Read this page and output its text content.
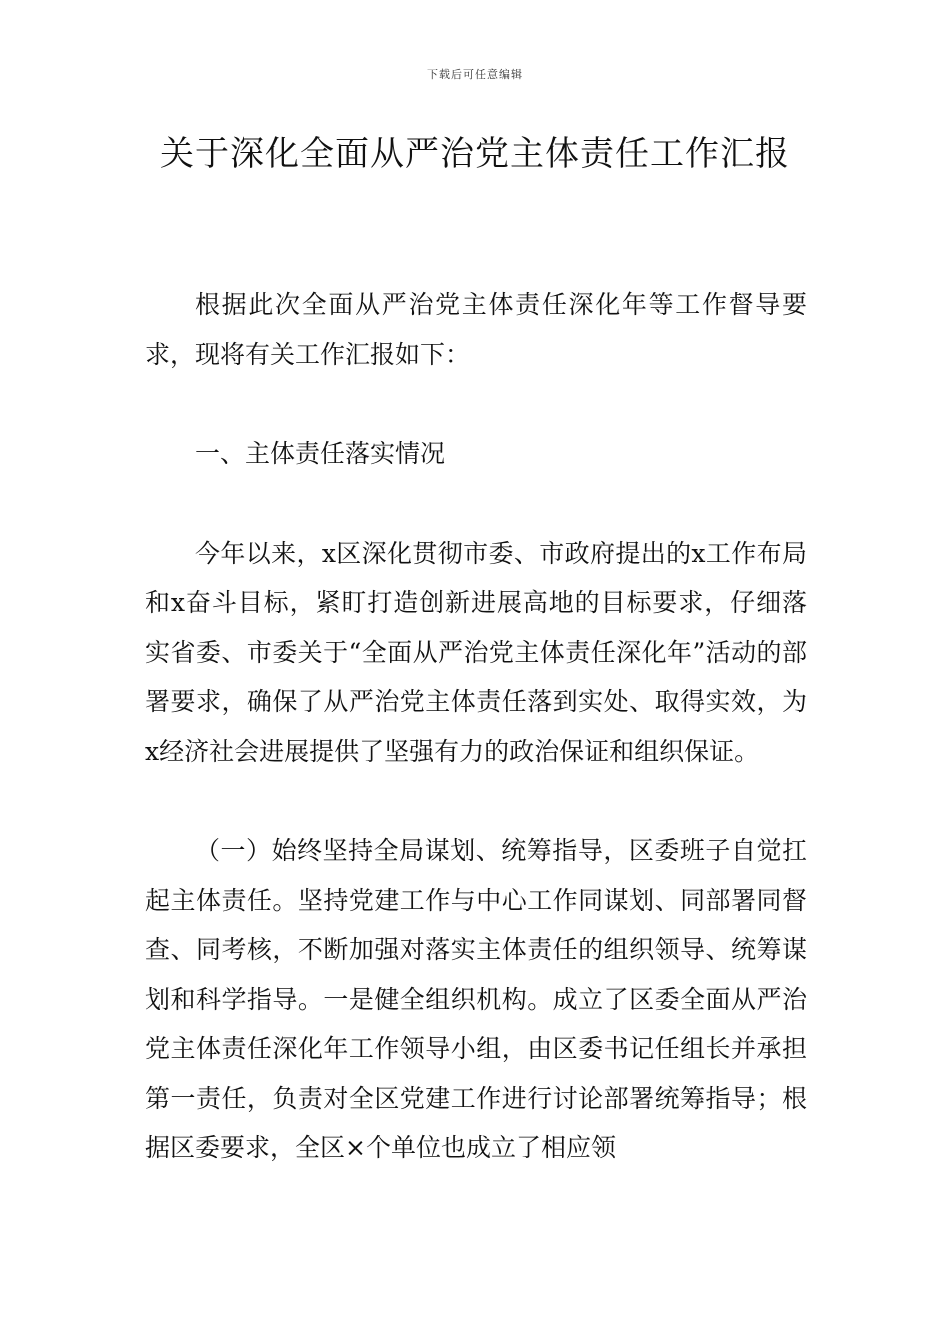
下载后可任意编辑
关于深化全面从严治党主体责任工作汇报

根据此次全面从严治党主体责任深化年等工作督导要求，现将有关工作汇报如下：

一、主体责任落实情况

今年以来，x区深化贯彻市委、市政府提出的x工作布局和x奋斗目标，紧盯打造创新进展高地的目标要求，仔细落实省委、市委关于“全面从严治党主体责任深化年”活动的部署要求，确保了从严治党主体责任落到实处、取得实效，为x经济社会进展提供了坚强有力的政治保证和组织保证。

（一）始终坚持全局谋划、统筹指导，区委班子自觉扛起主体责任。坚持党建工作与中心工作同谋划、同部署同督查、同考核，不断加强对落实主体责任的组织领导、统筹谋划和科学指导。一是健全组织机构。成立了区委全面从严治党主体责任深化年工作领导小组，由区委书记任组长并承担第一责任，负责对全区党建工作进行讨论部署统筹指导；根据区委要求，全区×个单位也成立了相应领
